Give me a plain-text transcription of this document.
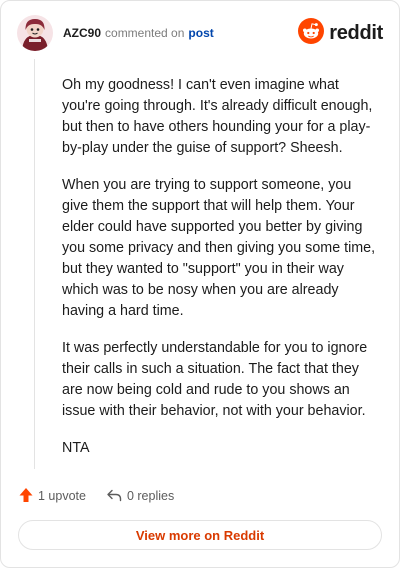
AZC90 commented on post	reddit

Oh my goodness! I can't even imagine what you're going through. It's already difficult enough, but then to have others hounding your for a play-by-play under the guise of support? Sheesh.

When you are trying to support someone, you give them the support that will help them. Your elder could have supported you better by giving you some privacy and then giving you some time, but they wanted to "support" you in their way which was to be nosy when you are already having a hard time.

It was perfectly understandable for you to ignore their calls in such a situation. The fact that they are now being cold and rude to you shows an issue with their behavior, not with your behavior.

NTA

1 upvote	0 replies
View more on Reddit
